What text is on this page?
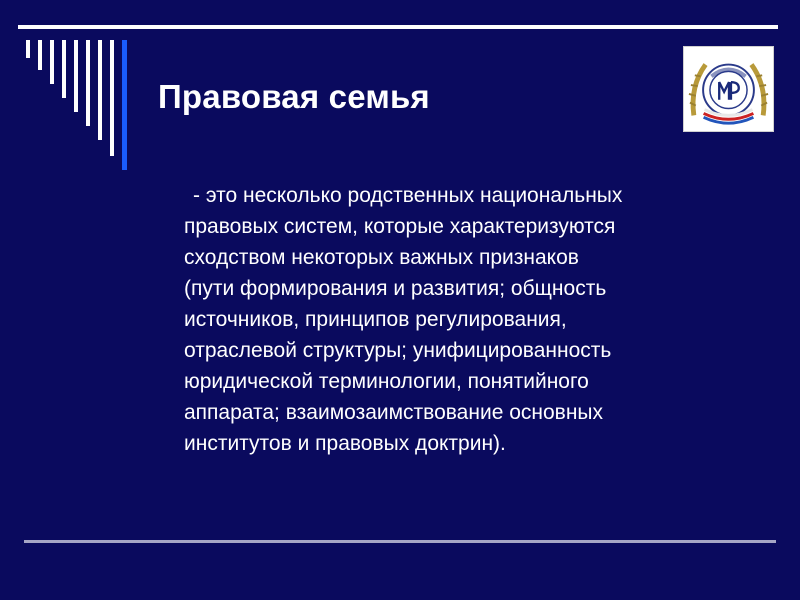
Правовая семья
- это несколько родственных национальных
правовых систем, которые характеризуются
сходством некоторых важных признаков
(пути формирования и развития; общность
источников, принципов регулирования,
отраслевой структуры; унифицированность
юридической терминологии, понятийного
аппарата; взаимозаимствование основных
институтов и правовых доктрин).
